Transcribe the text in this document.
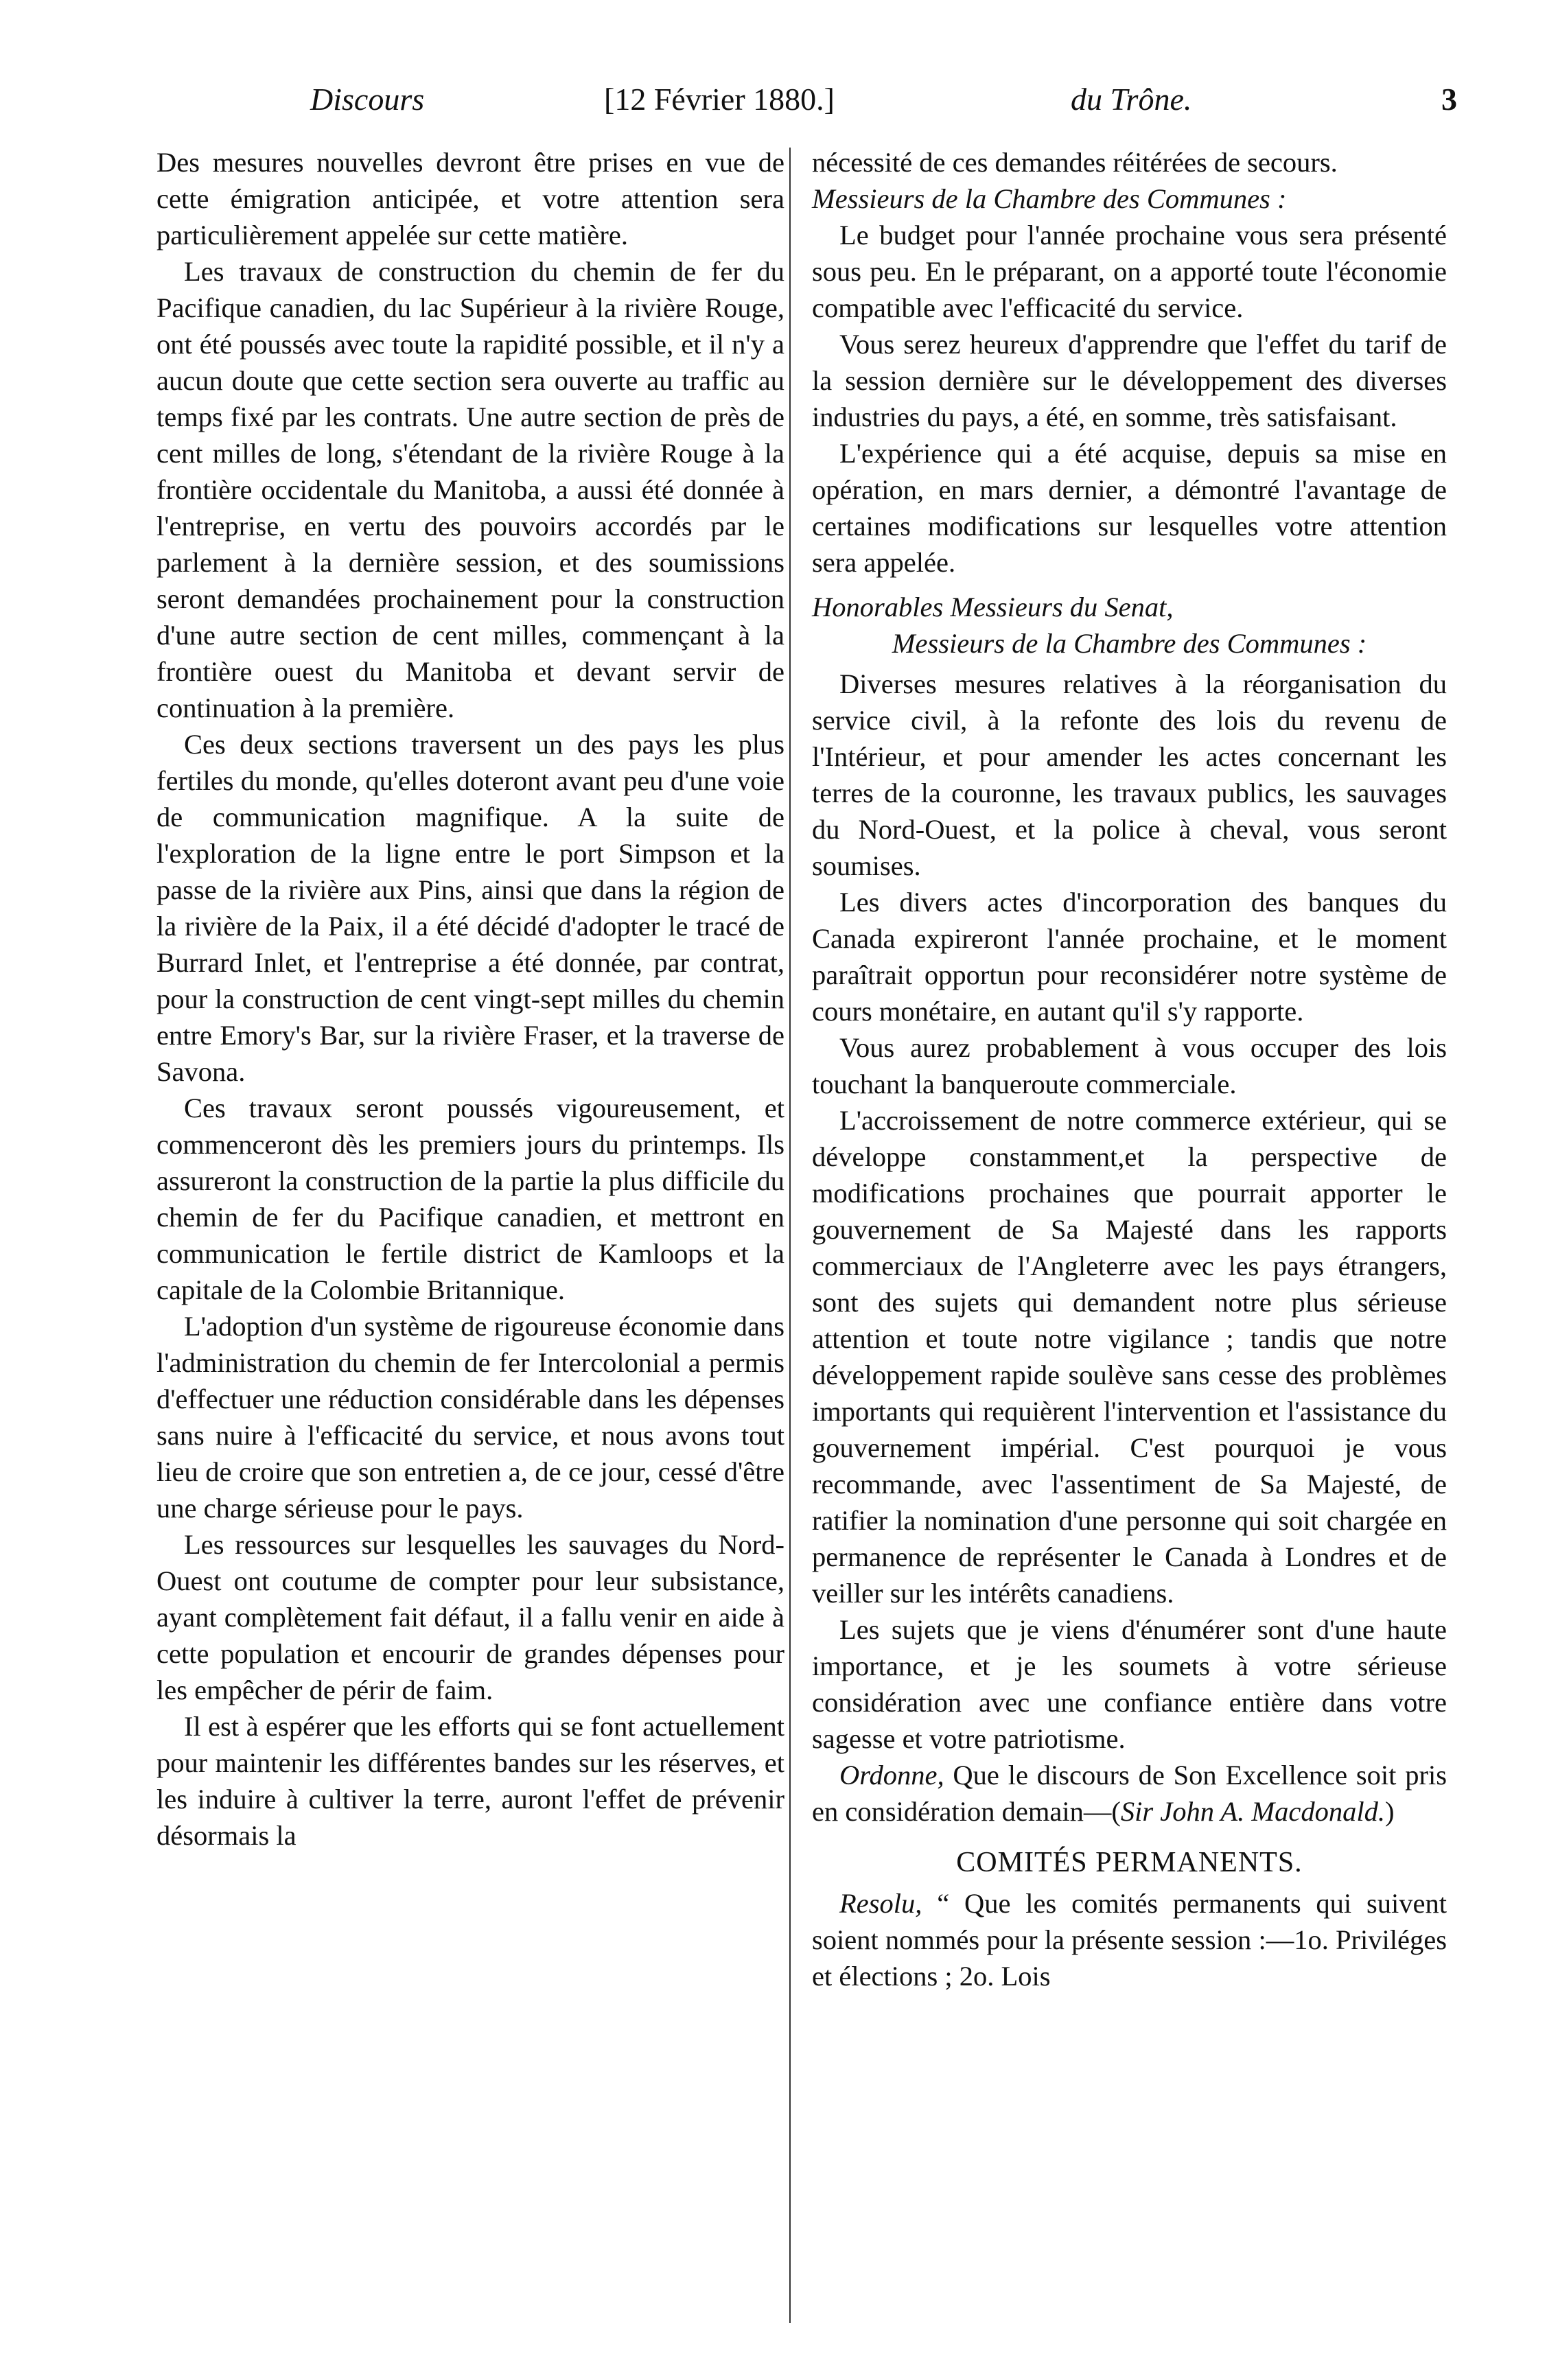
Discours	[12 Février 1880.]	du Trône.	3

Des mesures nouvelles devront être prises en vue de cette émigration anticipée, et votre attention sera particulièrement appelée sur cette matière.

Les travaux de construction du chemin de fer du Pacifique canadien, du lac Supérieur à la rivière Rouge, ont été poussés avec toute la rapidité possible, et il n'y a aucun doute que cette section sera ouverte au traffic au temps fixé par les contrats. Une autre section de près de cent milles de long, s'étendant de la rivière Rouge à la frontière occidentale du Manitoba, a aussi été donnée à l'entreprise, en vertu des pouvoirs accordés par le parlement à la dernière session, et des soumissions seront demandées prochainement pour la construction d'une autre section de cent milles, commençant à la frontière ouest du Manitoba et devant servir de continuation à la première.

Ces deux sections traversent un des pays les plus fertiles du monde, qu'elles doteront avant peu d'une voie de communication magnifique. A la suite de l'exploration de la ligne entre le port Simpson et la passe de la rivière aux Pins, ainsi que dans la région de la rivière de la Paix, il a été décidé d'adopter le tracé de Burrard Inlet, et l'entreprise a été donnée, par contrat, pour la construction de cent vingt-sept milles du chemin entre Emory's Bar, sur la rivière Fraser, et la traverse de Savona.

Ces travaux seront poussés vigoureusement, et commenceront dès les premiers jours du printemps. Ils assureront la construction de la partie la plus difficile du chemin de fer du Pacifique canadien, et mettront en communication le fertile district de Kamloops et la capitale de la Colombie Britannique.

L'adoption d'un système de rigoureuse économie dans l'administration du chemin de fer Intercolonial a permis d'effectuer une réduction considérable dans les dépenses sans nuire à l'efficacité du service, et nous avons tout lieu de croire que son entretien a, de ce jour, cessé d'être une charge sérieuse pour le pays.

Les ressources sur lesquelles les sauvages du Nord-Ouest ont coutume de compter pour leur subsistance, ayant complètement fait défaut, il a fallu venir en aide à cette population et encourir de grandes dépenses pour les empêcher de périr de faim.

Il est à espérer que les efforts qui se font actuellement pour maintenir les différentes bandes sur les réserves, et les induire à cultiver la terre, auront l'effet de prévenir désormais la

nécessité de ces demandes réitérées de secours.

Messieurs de la Chambre des Communes :

Le budget pour l'année prochaine vous sera présenté sous peu. En le préparant, on a apporté toute l'économie compatible avec l'efficacité du service.

Vous serez heureux d'apprendre que l'effet du tarif de la session dernière sur le développement des diverses industries du pays, a été, en somme, très satisfaisant.

L'expérience qui a été acquise, depuis sa mise en opération, en mars dernier, a démontré l'avantage de certaines modifications sur lesquelles votre attention sera appelée.

Honorables Messieurs du Senat,

Messieurs de la Chambre des Communes :

Diverses mesures relatives à la réorganisation du service civil, à la refonte des lois du revenu de l'Intérieur, et pour amender les actes concernant les terres de la couronne, les travaux publics, les sauvages du Nord-Ouest, et la police à cheval, vous seront soumises.

Les divers actes d'incorporation des banques du Canada expireront l'année prochaine, et le moment paraîtrait opportun pour reconsidérer notre système de cours monétaire, en autant qu'il s'y rapporte.

Vous aurez probablement à vous occuper des lois touchant la banqueroute commerciale.

L'accroissement de notre commerce extérieur, qui se développe constamment,et la perspective de modifications prochaines que pourrait apporter le gouvernement de Sa Majesté dans les rapports commerciaux de l'Angleterre avec les pays étrangers, sont des sujets qui demandent notre plus sérieuse attention et toute notre vigilance ; tandis que notre développement rapide soulève sans cesse des problèmes importants qui requièrent l'intervention et l'assistance du gouvernement impérial. C'est pourquoi je vous recommande, avec l'assentiment de Sa Majesté, de ratifier la nomination d'une personne qui soit chargée en permanence de représenter le Canada à Londres et de veiller sur les intérêts canadiens.

Les sujets que je viens d'énumérer sont d'une haute importance, et je les soumets à votre sérieuse considération avec une confiance entière dans votre sagesse et votre patriotisme.

Ordonne, Que le discours de Son Excellence soit pris en considération demain—(Sir John A. Macdonald.)

COMITÉS PERMANENTS.

Resolu, “ Que les comités permanents qui suivent soient nommés pour la présente session :—1o. Priviléges et élections ; 2o. Lois
